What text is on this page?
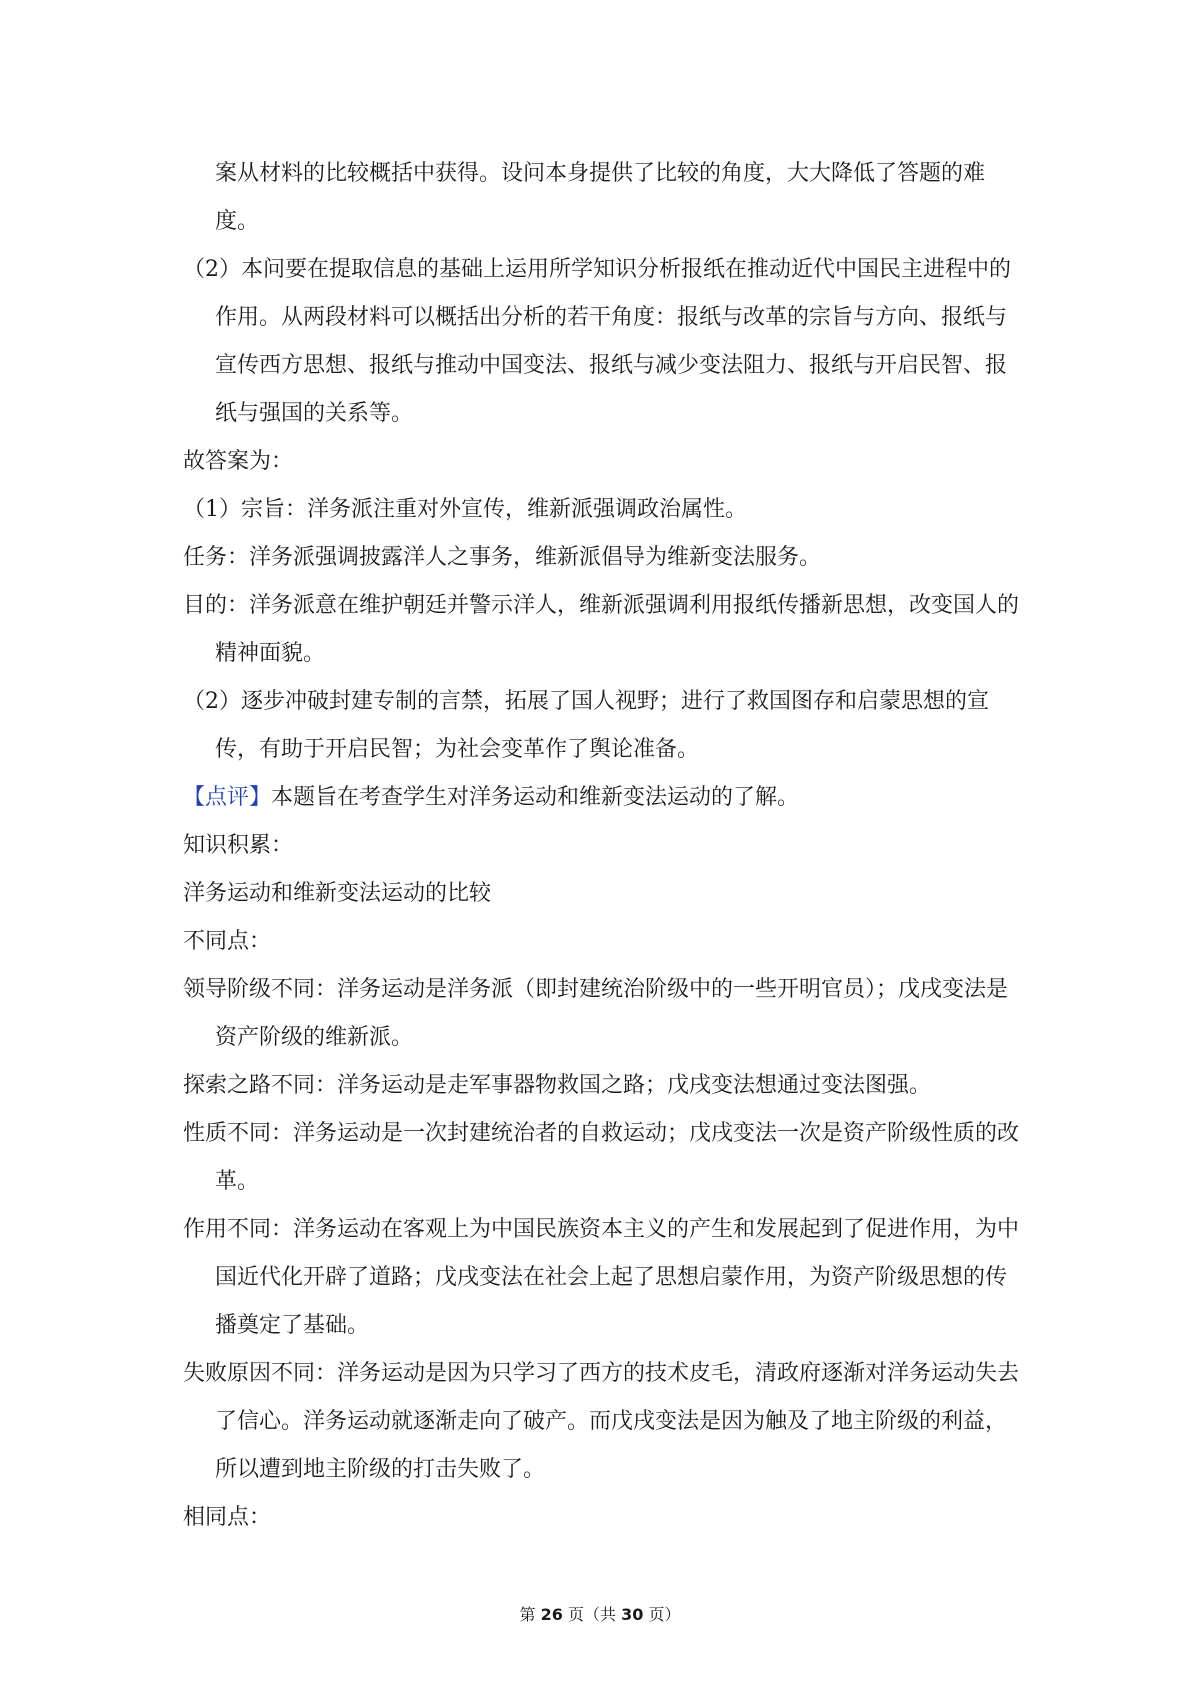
案从材料的比较概括中获得。设问本身提供了比较的角度，大大降低了答题的难度。

（2）本问要在提取信息的基础上运用所学知识分析报纸在推动近代中国民主进程中的作用。从两段材料可以概括出分析的若干角度：报纸与改革的宗旨与方向、报纸与宣传西方思想、报纸与推动中国变法、报纸与减少变法阻力、报纸与开启民智、报纸与强国的关系等。

故答案为：

（1）宗旨：洋务派注重对外宣传，维新派强调政治属性。

任务：洋务派强调披露洋人之事务，维新派倡导为维新变法服务。

目的：洋务派意在维护朝廷并警示洋人，维新派强调利用报纸传播新思想，改变国人的精神面貌。

（2）逐步冲破封建专制的言禁，拓展了国人视野；进行了救国图存和启蒙思想的宣传，有助于开启民智；为社会变革作了舆论准备。

【点评】本题旨在考查学生对洋务运动和维新变法运动的了解。

知识积累：

洋务运动和维新变法运动的比较

不同点：

领导阶级不同：洋务运动是洋务派（即封建统治阶级中的一些开明官员）；戊戌变法是资产阶级的维新派。

探索之路不同：洋务运动是走军事器物救国之路；戊戌变法想通过变法图强。

性质不同：洋务运动是一次封建统治者的自救运动；戊戌变法一次是资产阶级性质的改革。

作用不同：洋务运动在客观上为中国民族资本主义的产生和发展起到了促进作用，为中国近代化开辟了道路；戊戌变法在社会上起了思想启蒙作用，为资产阶级思想的传播奠定了基础。

失败原因不同：洋务运动是因为只学习了西方的技术皮毛，清政府逐渐对洋务运动失去了信心。洋务运动就逐渐走向了破产。而戊戌变法是因为触及了地主阶级的利益，所以遭到地主阶级的打击失败了。

相同点：

第 26 页（共 30 页）
